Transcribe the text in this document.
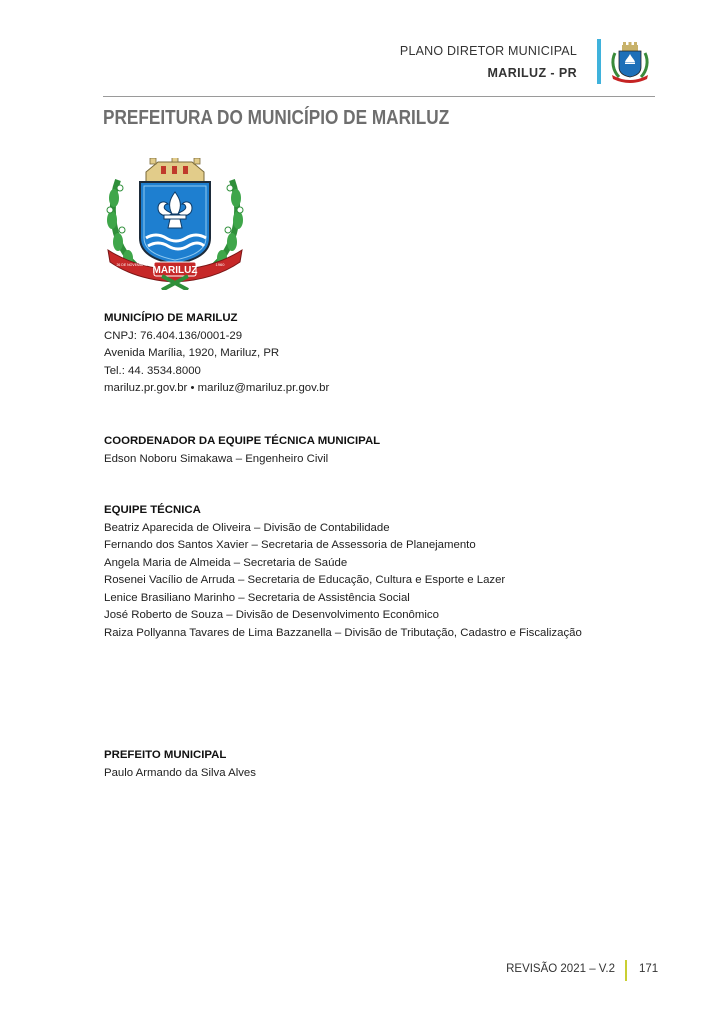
PLANO DIRETOR MUNICIPAL
MARILUZ - PR
PREFEITURA DO MUNICÍPIO DE MARILUZ
MARILUZ
26 DE NOVEMBRO	1960
MUNICÍPIO DE MARILUZ
CNPJ: 76.404.136/0001-29
Avenida Marília, 1920, Mariluz, PR
Tel.: 44. 3534.8000
mariluz.pr.gov.br • mariluz@mariluz.pr.gov.br
COORDENADOR DA EQUIPE TÉCNICA MUNICIPAL
Edson Noboru Simakawa – Engenheiro Civil
EQUIPE TÉCNICA
Beatriz Aparecida de Oliveira – Divisão de Contabilidade
Fernando dos Santos Xavier – Secretaria de Assessoria de Planejamento
Angela Maria de Almeida – Secretaria de Saúde
Rosenei Vacílio de Arruda – Secretaria de Educação, Cultura e Esporte e Lazer
Lenice Brasiliano Marinho – Secretaria de Assistência Social
José Roberto de Souza – Divisão de Desenvolvimento Econômico
Raiza Pollyanna Tavares de Lima Bazzanella – Divisão de Tributação, Cadastro e Fiscalização
PREFEITO MUNICIPAL
Paulo Armando da Silva Alves
REVISÃO 2021 – V.2 171
